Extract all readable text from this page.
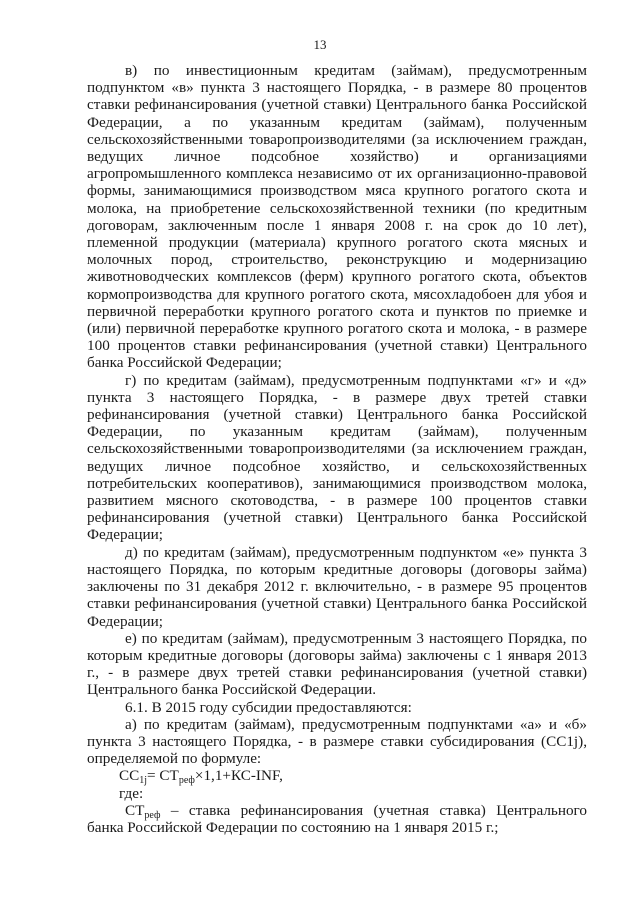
13

в) по инвестиционным кредитам (займам), предусмотренным подпунктом «в» пункта 3 настоящего Порядка, - в размере 80 процентов ставки рефинансирования (учетной ставки) Центрального банка Российской Федерации, а по указанным кредитам (займам), полученным сельскохозяйственными товаропроизводителями (за исключением граждан, ведущих личное подсобное хозяйство) и организациями агропромышленного комплекса независимо от их организационно-правовой формы, занимающимися производством мяса крупного рогатого скота и молока, на приобретение сельскохозяйственной техники (по кредитным договорам, заключенным после 1 января 2008 г. на срок до 10 лет), племенной продукции (материала) крупного рогатого скота мясных и молочных пород, строительство, реконструкцию и модернизацию животноводческих комплексов (ферм) крупного рогатого скота, объектов кормопроизводства для крупного рогатого скота, мясохладобоен для убоя и первичной переработки крупного рогатого скота и пунктов по приемке и (или) первичной переработке крупного рогатого скота и молока, - в размере 100 процентов ставки рефинансирования (учетной ставки) Центрального банка Российской Федерации;

г) по кредитам (займам), предусмотренным подпунктами «г» и «д» пункта 3 настоящего Порядка, - в размере двух третей ставки рефинансирования (учетной ставки) Центрального банка Российской Федерации, по указанным кредитам (займам), полученным сельскохозяйственными товаропроизводителями (за исключением граждан, ведущих личное подсобное хозяйство, и сельскохозяйственных потребительских кооперативов), занимающимися производством молока, развитием мясного скотоводства, - в размере 100 процентов ставки рефинансирования (учетной ставки) Центрального банка Российской Федерации;

д) по кредитам (займам), предусмотренным подпунктом «е» пункта 3 настоящего Порядка, по которым кредитные договоры (договоры займа) заключены по 31 декабря 2012 г. включительно, - в размере 95 процентов ставки рефинансирования (учетной ставки) Центрального банка Российской Федерации;

е) по кредитам (займам), предусмотренным 3 настоящего Порядка, по которым кредитные договоры (договоры займа) заключены с 1 января 2013 г., - в размере двух третей ставки рефинансирования (учетной ставки) Центрального банка Российской Федерации.

6.1. В 2015 году субсидии предоставляются:

а) по кредитам (займам), предусмотренным подпунктами «а» и «б» пункта 3 настоящего Порядка, - в размере ставки субсидирования (СС1j), определяемой по формуле:

$СС_{1j}= СТ_{реф}\times 1,1+КС-INF$,

где:

$СТ_{реф}$ – ставка рефинансирования (учетная ставка) Центрального банка Российской Федерации по состоянию на 1 января 2015 г.;
